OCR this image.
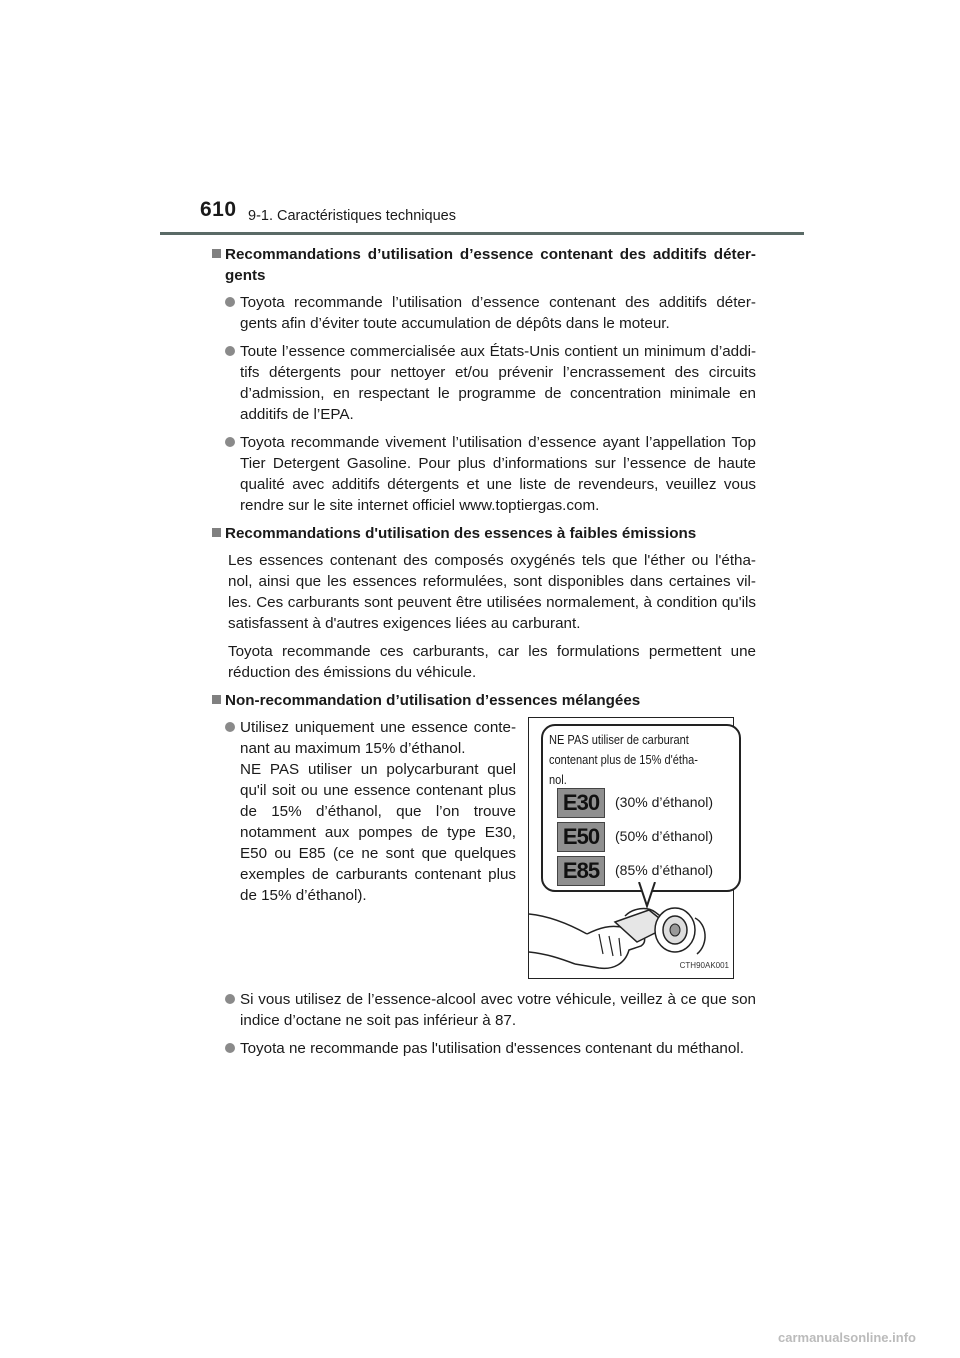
610 9-1. Caractéristiques techniques
Recommandations d’utilisation d’essence contenant des additifs déter-gents
Toyota recommande l’utilisation d’essence contenant des additifs déter-gents afin d’éviter toute accumulation de dépôts dans le moteur.
Toute l’essence commercialisée aux États-Unis contient un minimum d’addi-tifs détergents pour nettoyer et/ou prévenir l’encrassement des circuits d’admission, en respectant le programme de concentration minimale en additifs de l’EPA.
Toyota recommande vivement l’utilisation d’essence ayant l’appellation Top Tier Detergent Gasoline. Pour plus d’informations sur l’essence de haute qualité avec additifs détergents et une liste de revendeurs, veuillez vous rendre sur le site internet officiel www.toptiergas.com.
Recommandations d'utilisation des essences à faibles émissions
Les essences contenant des composés oxygénés tels que l'éther ou l'étha-nol, ainsi que les essences reformulées, sont disponibles dans certaines vil-les. Ces carburants sont peuvent être utilisées normalement, à condition qu'ils satisfassent à d'autres exigences liées au carburant.
Toyota recommande ces carburants, car les formulations permettent une réduction des émissions du véhicule.
Non-recommandation d’utilisation d’essences mélangées
Utilisez uniquement une essence conte-nant au maximum 15% d’éthanol.
NE PAS utiliser un polycarburant quel qu'il soit ou une essence contenant plus de 15% d’éthanol, que l’on trouve notamment aux pompes de type E30, E50 ou E85 (ce ne sont que quelques exemples de carburants contenant plus de 15% d’éthanol).
NE PAS utiliser de carburant
contenant plus de 15% d'étha-
nol.
E30	(30% d’éthanol)
E50	(50% d’éthanol)
E85	(85% d’éthanol)
CTH90AK001
Si vous utilisez de l’essence-alcool avec votre véhicule, veillez à ce que son indice d’octane ne soit pas inférieur à 87.
Toyota ne recommande pas l'utilisation d'essences contenant du méthanol.
carmanualsonline.info
